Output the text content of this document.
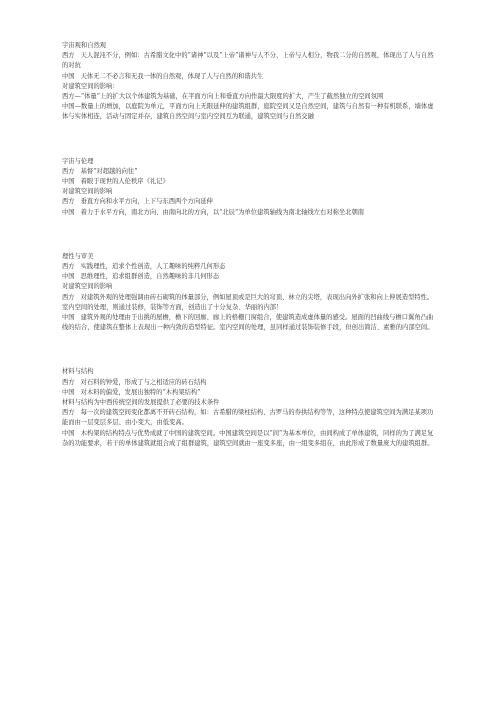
宇宙观和自然观

西方 天人混沌不分，例如：古希腊文化中的“诸神”以及“上帝”诸神与人不分，上帝与人相分，物我二分的自然观，体现出了人与自然的对抗

中国 天体无二不必言和无我一体的自然观，体现了人与自然的和谐共生

对建筑空间的影响：

西方—“体量”上的扩大以个体建筑为基础，在平面方向上和垂直方向作最大限度的扩大，产生了截然独立的空间氛围

中国—数量上的增加，以庭院为单元，平面方向上无限延伸的建筑组群，庭院空间又是自然空间，建筑与自然有一种有机联系，墙体虚体与实体相连，活动与固定并存，建筑自然空间与室内空间互为联通，建筑空间与自然交融

宇宙与伦理

西方 基督“对超越的向往”

中国 着眼于现世的人伦秩序《礼记》

对建筑空间的影响

西方 垂直方向和水平方向，上下与东西两个方向延伸

中国 着力于水平方向，南北方向、由南向北的方向，以“北辰”为单位建筑轴线为南北轴线左右对称坐北朝南

理性与审美

西方 实践理性，追求个性创造，人工趣味的纯粹几何形态

中国 思维理性，追求组群创造，自然趣味的非几何形态

对建筑空间的影响

西方 对建筑外观的处理强调由砖石砌筑的体量部分，例如屋顶或是巨大的穹顶、林立的尖塔，表现出向外扩张和向上伸展造型特性。室内空间的处理，则通过装修，装饰等方面，创造出了十分复杂、华丽的内部！

中国 建筑外观的处理由于出挑的屋檐，檐下的回廊、廊上的格栅门窗组合，使建筑造成虚体量的感受。屋面的凹曲线与檐口翼角凸曲线的结合，使建筑在整体上表现出一种内敛的造型特征。室内空间的处理，虽同样通过装饰装修手段，但创出简洁、素雅的内部空间。

材料与结构

西方 对石料的钟爱，形成了与之相适应的砖石结构

中国 对木料的偏爱，发展出独特的“木构架结构”

材料与结构为中西传统空间的发展提供了必要的技术条件

西方 每一次的建筑空间变化都离不开砖石结构，如：古希腊的梁柱结构、古罗马的券拱结构等等，这种特点使建筑空间为满足某项功能而由一层变层多层、由小变大，由低变高。

中国 木构架的结构特点与优势成就了中国的建筑空间。中国建筑空间是以“间”为基本单位，由间构成了单体建筑，同样的为了满足复杂的功能要求，若干的单体建筑就组合成了组群建筑，建筑空间就由一座变多座，由一组变多组在，由此形成了数量庞大的建筑组群。
